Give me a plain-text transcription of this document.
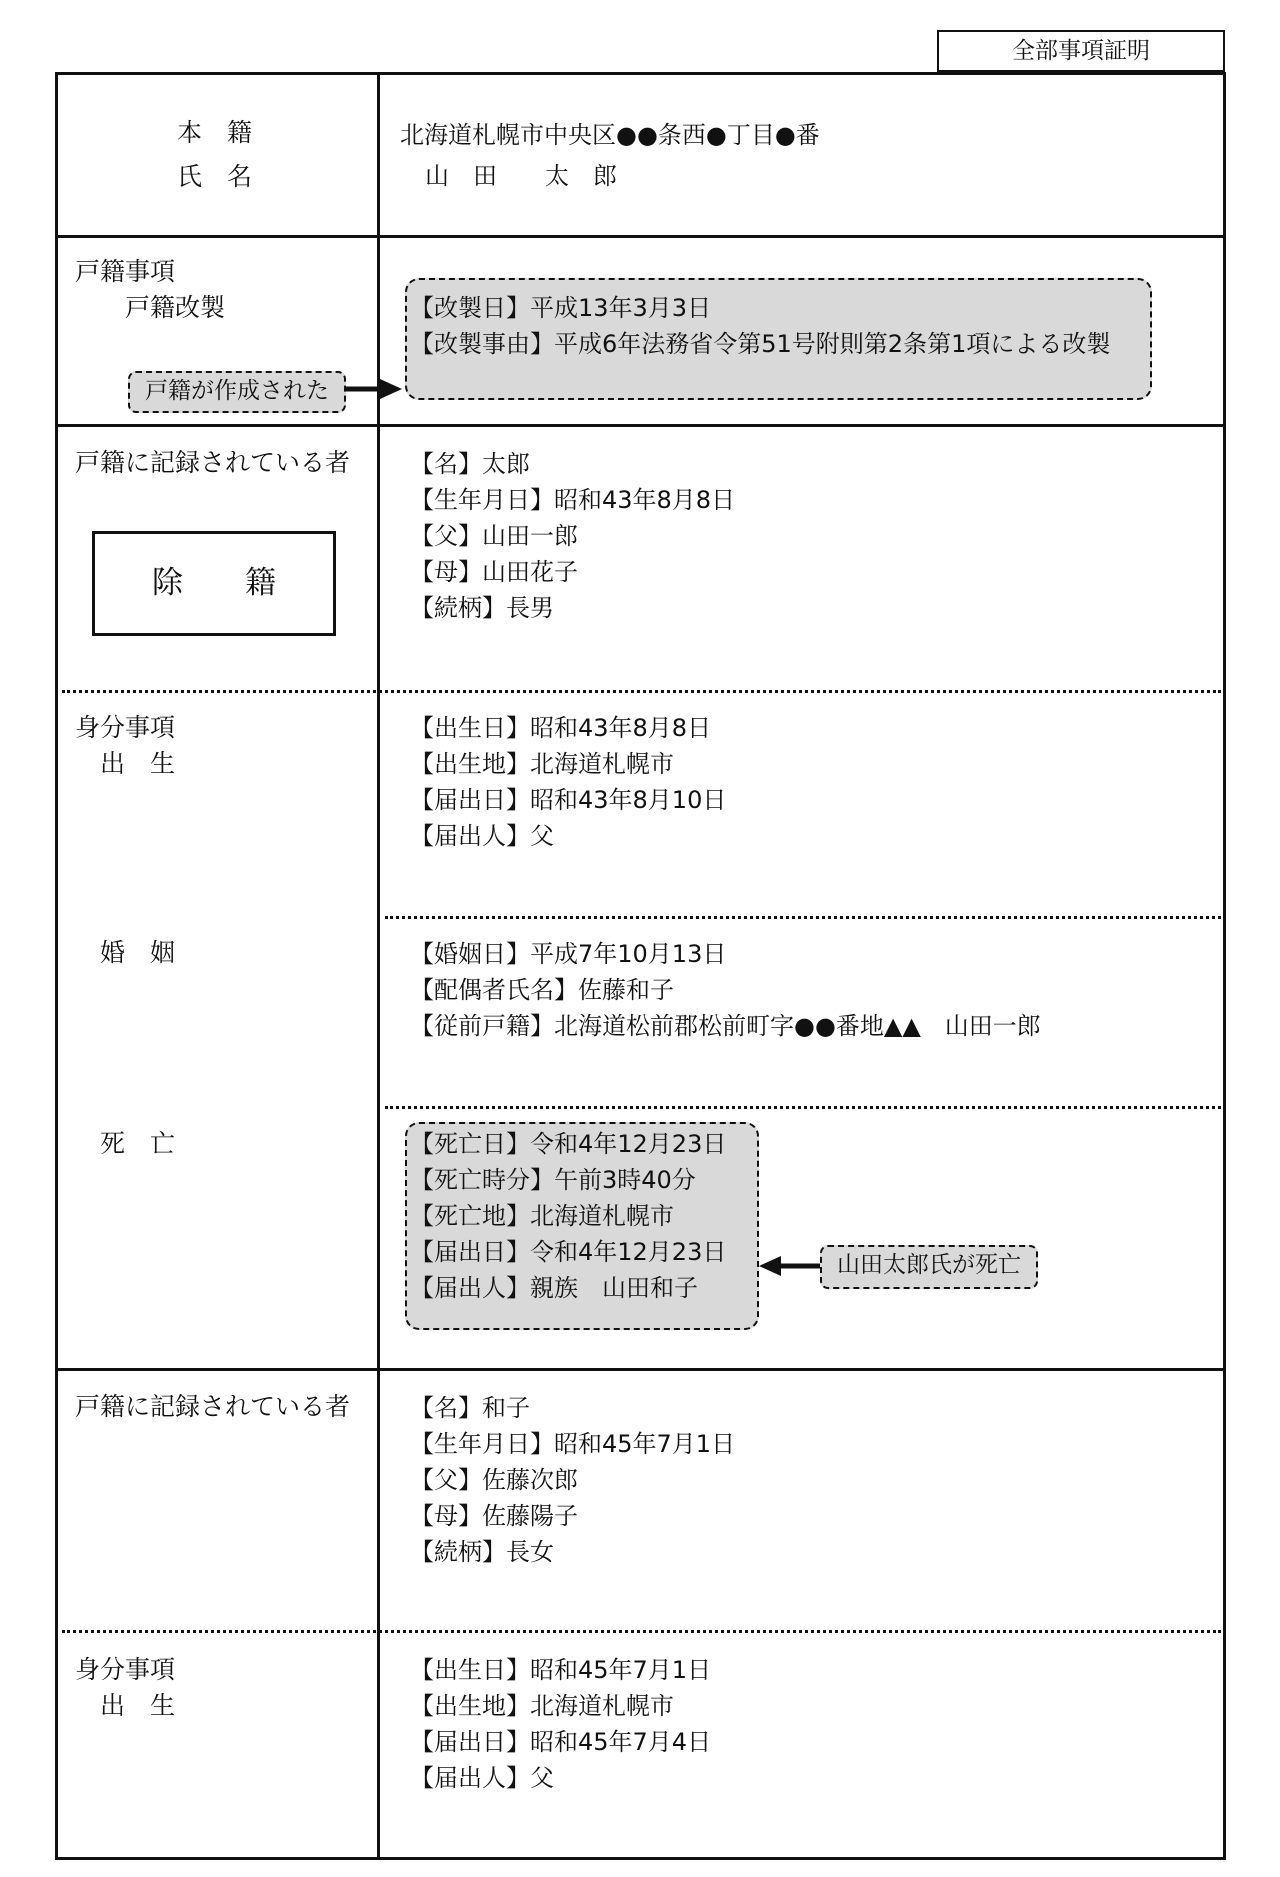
全部事項証明
本　籍
氏　名
北海道札幌市中央区●●条西●丁目●番
山　田　　太　郎
戸籍事項
戸籍改製
戸籍が作成された
【改製日】平成13年3月3日
【改製事由】平成6年法務省令第51号附則第2条第1項による改製
戸籍に記録されている者
除　　籍
【名】太郎
【生年月日】昭和43年8月8日
【父】山田一郎
【母】山田花子
【続柄】長男
身分事項
出　生
【出生日】昭和43年8月8日
【出生地】北海道札幌市
【届出日】昭和43年8月10日
【届出人】父
婚　姻	【婚姻日】平成7年10月13日
【配偶者氏名】佐藤和子
【従前戸籍】北海道松前郡松前町字●●番地▲▲　山田一郎
死　亡	【死亡日】令和4年12月23日
【死亡時分】午前3時40分
【死亡地】北海道札幌市
【届出日】令和4年12月23日
【届出人】親族　山田和子
山田太郎氏が死亡
戸籍に記録されている者 【名】和子
【生年月日】昭和45年7月1日
【父】佐藤次郎
【母】佐藤陽子
【続柄】長女
身分事項
出　生
【出生日】昭和45年7月1日
【出生地】北海道札幌市
【届出日】昭和45年7月4日
【届出人】父
